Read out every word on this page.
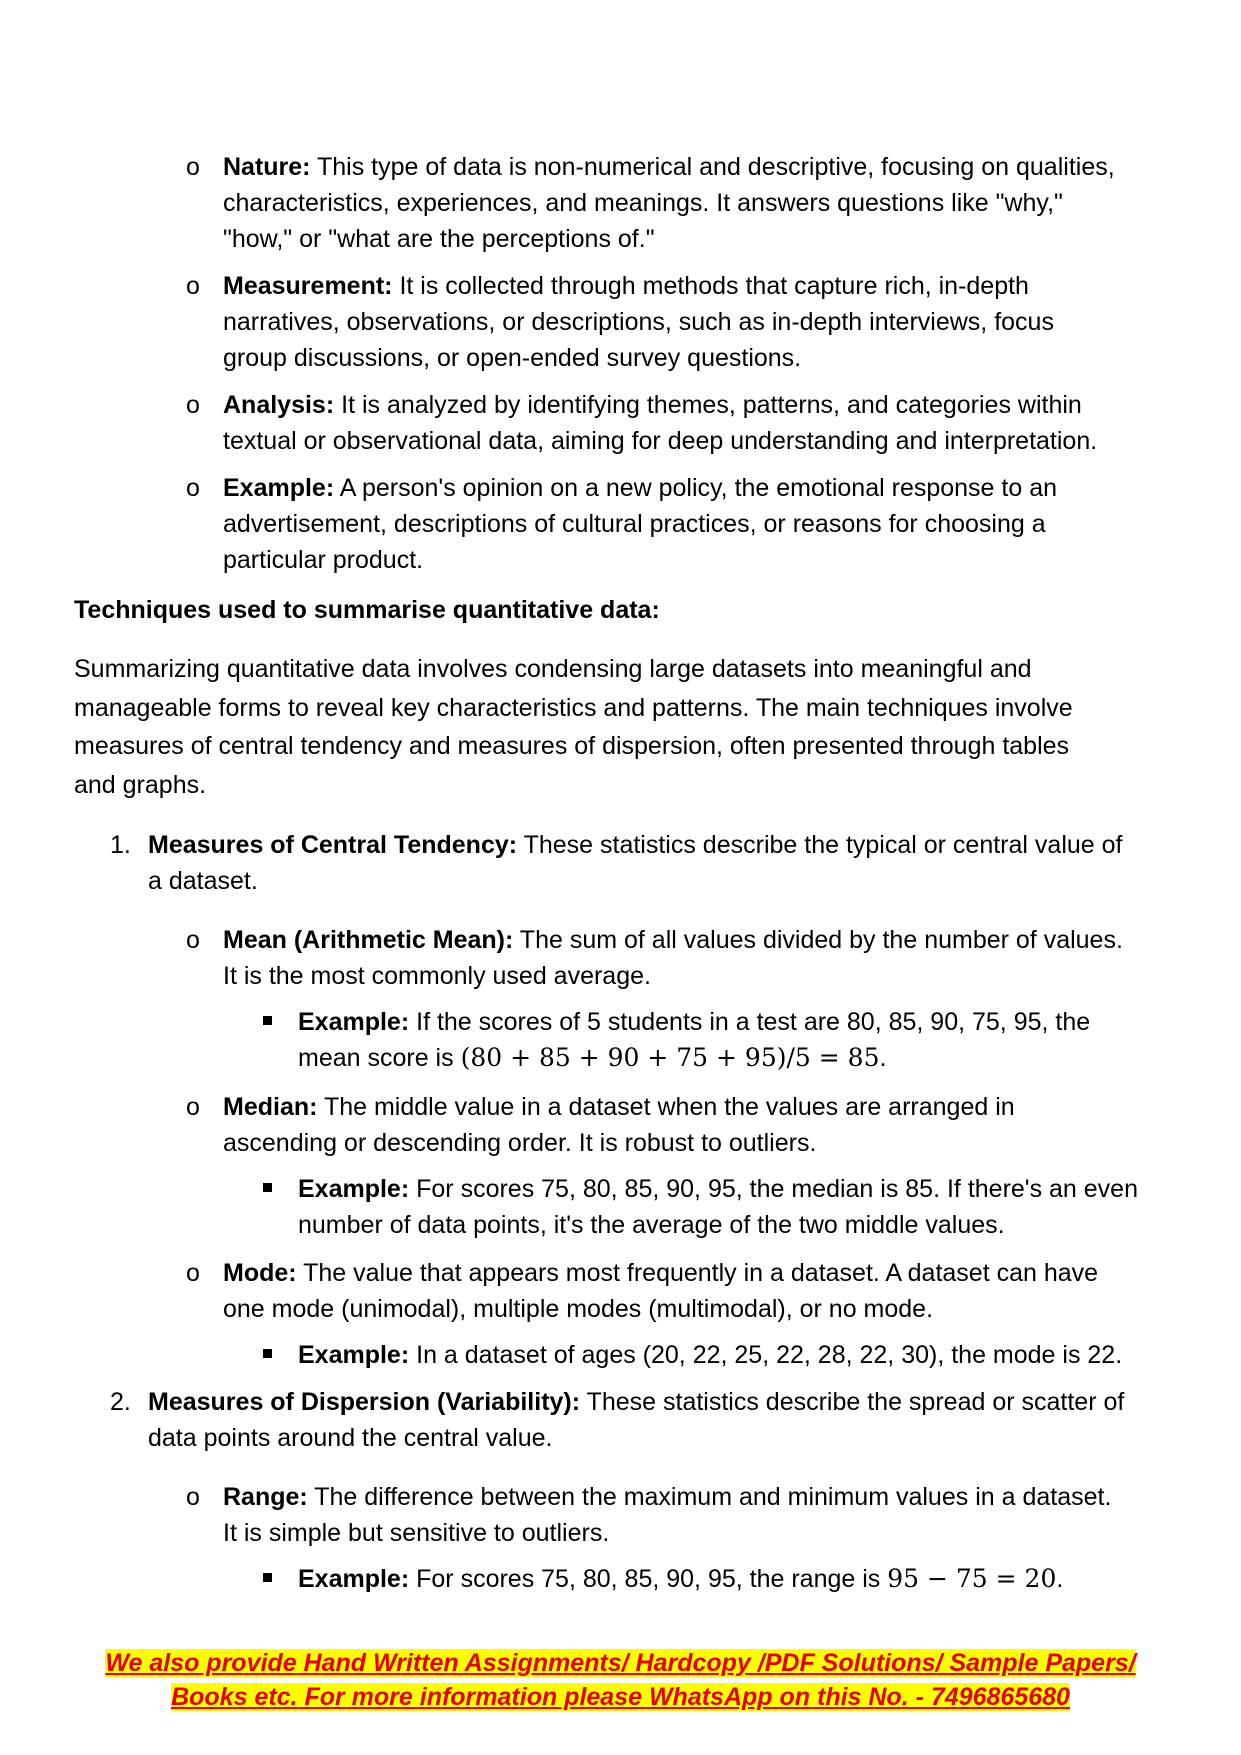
o Nature: This type of data is non-numerical and descriptive, focusing on qualities,
characteristics, experiences, and meanings. It answers questions like "why,"
"how," or "what are the perceptions of."
o Measurement: It is collected through methods that capture rich, in-depth
narratives, observations, or descriptions, such as in-depth interviews, focus
group discussions, or open-ended survey questions.
o Analysis: It is analyzed by identifying themes, patterns, and categories within
textual or observational data, aiming for deep understanding and interpretation.
o Example: A person's opinion on a new policy, the emotional response to an
advertisement, descriptions of cultural practices, or reasons for choosing a
particular product.
Techniques used to summarise quantitative data:
Summarizing quantitative data involves condensing large datasets into meaningful and
manageable forms to reveal key characteristics and patterns. The main techniques involve
measures of central tendency and measures of dispersion, often presented through tables
and graphs.
1. Measures of Central Tendency: These statistics describe the typical or central value of
a dataset.
o Mean (Arithmetic Mean): The sum of all values divided by the number of values.
It is the most commonly used average.
Example: If the scores of 5 students in a test are 80, 85, 90, 75, 95, the
mean score is (80 + 85 + 90 + 75 + 95)/5 = 85.
o Median: The middle value in a dataset when the values are arranged in
ascending or descending order. It is robust to outliers.
Example: For scores 75, 80, 85, 90, 95, the median is 85. If there's an even
number of data points, it's the average of the two middle values.
o Mode: The value that appears most frequently in a dataset. A dataset can have
one mode (unimodal), multiple modes (multimodal), or no mode.
Example: In a dataset of ages (20, 22, 25, 22, 28, 22, 30), the mode is 22.
2. Measures of Dispersion (Variability): These statistics describe the spread or scatter of
data points around the central value.
o Range: The difference between the maximum and minimum values in a dataset.
It is simple but sensitive to outliers.
Example: For scores 75, 80, 85, 90, 95, the range is 95 − 75 = 20.
We also provide Hand Written Assignments/ Hardcopy /PDF Solutions/ Sample Papers/
Books etc. For more information please WhatsApp on this No. - 7496865680
